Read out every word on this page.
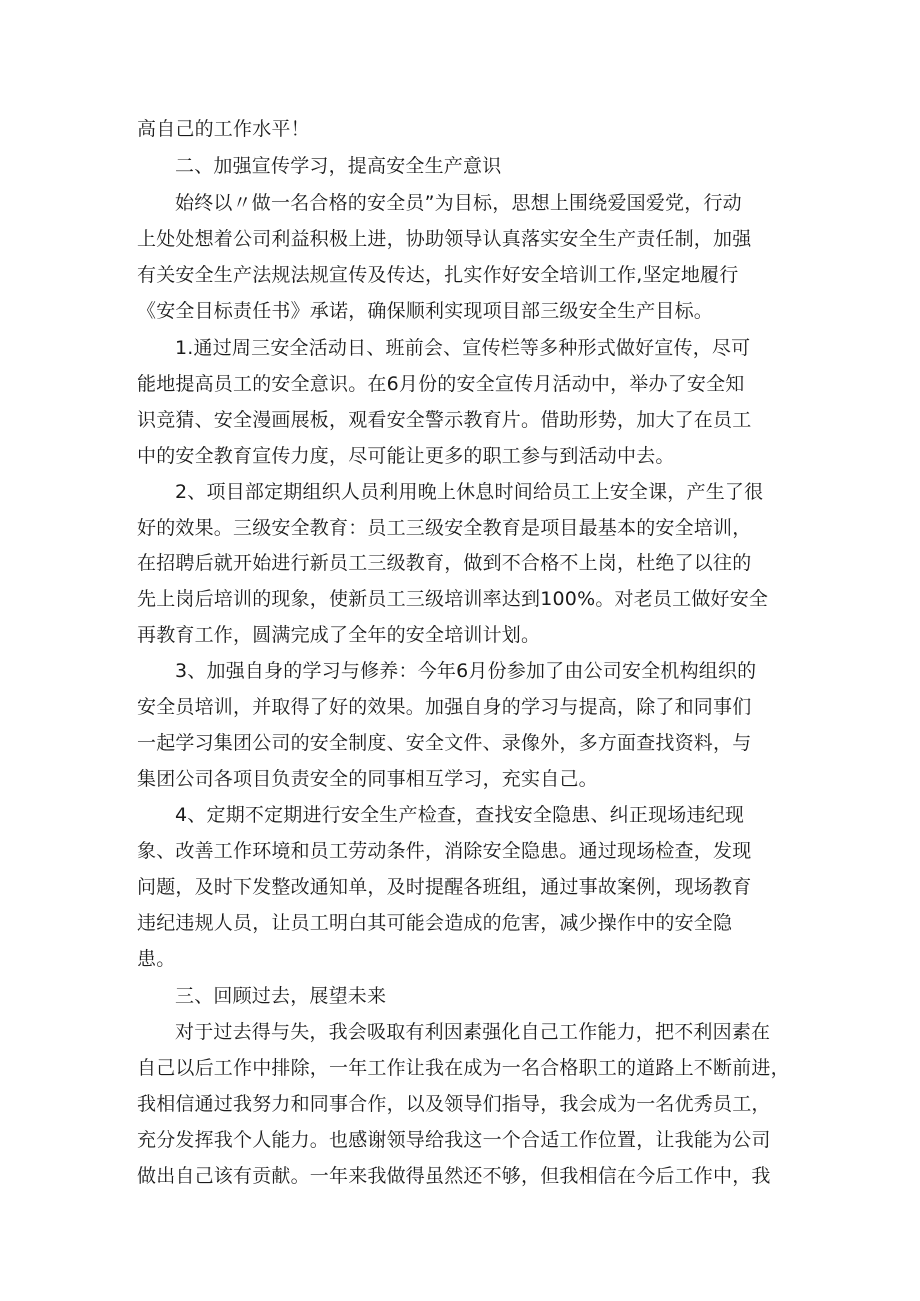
高自己的工作水平！
二、加强宣传学习，提高安全生产意识
始终以〃做一名合格的安全员”为目标，思想上围绕爱国爱党，行动
上处处想着公司利益积极上进，协助领导认真落实安全生产责任制，加强
有关安全生产法规法规宣传及传达，扎实作好安全培训工作,坚定地履行
《安全目标责任书》承诺，确保顺利实现项目部三级安全生产目标。
1.通过周三安全活动日、班前会、宣传栏等多种形式做好宣传，尽可
能地提高员工的安全意识。在6月份的安全宣传月活动中，举办了安全知
识竞猜、安全漫画展板，观看安全警示教育片。借助形势，加大了在员工
中的安全教育宣传力度，尽可能让更多的职工参与到活动中去。
2、项目部定期组织人员利用晚上休息时间给员工上安全课，产生了很
好的效果。三级安全教育：员工三级安全教育是项目最基本的安全培训，
在招聘后就开始进行新员工三级教育，做到不合格不上岗，杜绝了以往的
先上岗后培训的现象，使新员工三级培训率达到100%。对老员工做好安全
再教育工作，圆满完成了全年的安全培训计划。
3、加强自身的学习与修养：今年6月份参加了由公司安全机构组织的
安全员培训，并取得了好的效果。加强自身的学习与提高，除了和同事们
一起学习集团公司的安全制度、安全文件、录像外，多方面查找资料，与
集团公司各项目负责安全的同事相互学习，充实自己。
4、定期不定期进行安全生产检查，查找安全隐患、纠正现场违纪现
象、改善工作环境和员工劳动条件，消除安全隐患。通过现场检查，发现
问题，及时下发整改通知单，及时提醒各班组，通过事故案例，现场教育
违纪违规人员，让员工明白其可能会造成的危害，减少操作中的安全隐
患。
三、回顾过去，展望未来
对于过去得与失，我会吸取有利因素强化自己工作能力，把不利因素在
自己以后工作中排除，一年工作让我在成为一名合格职工的道路上不断前进，
我相信通过我努力和同事合作，以及领导们指导，我会成为一名优秀员工，
充分发挥我个人能力。也感谢领导给我这一个合适工作位置，让我能为公司
做出自己该有贡献。一年来我做得虽然还不够，但我相信在今后工作中，我
